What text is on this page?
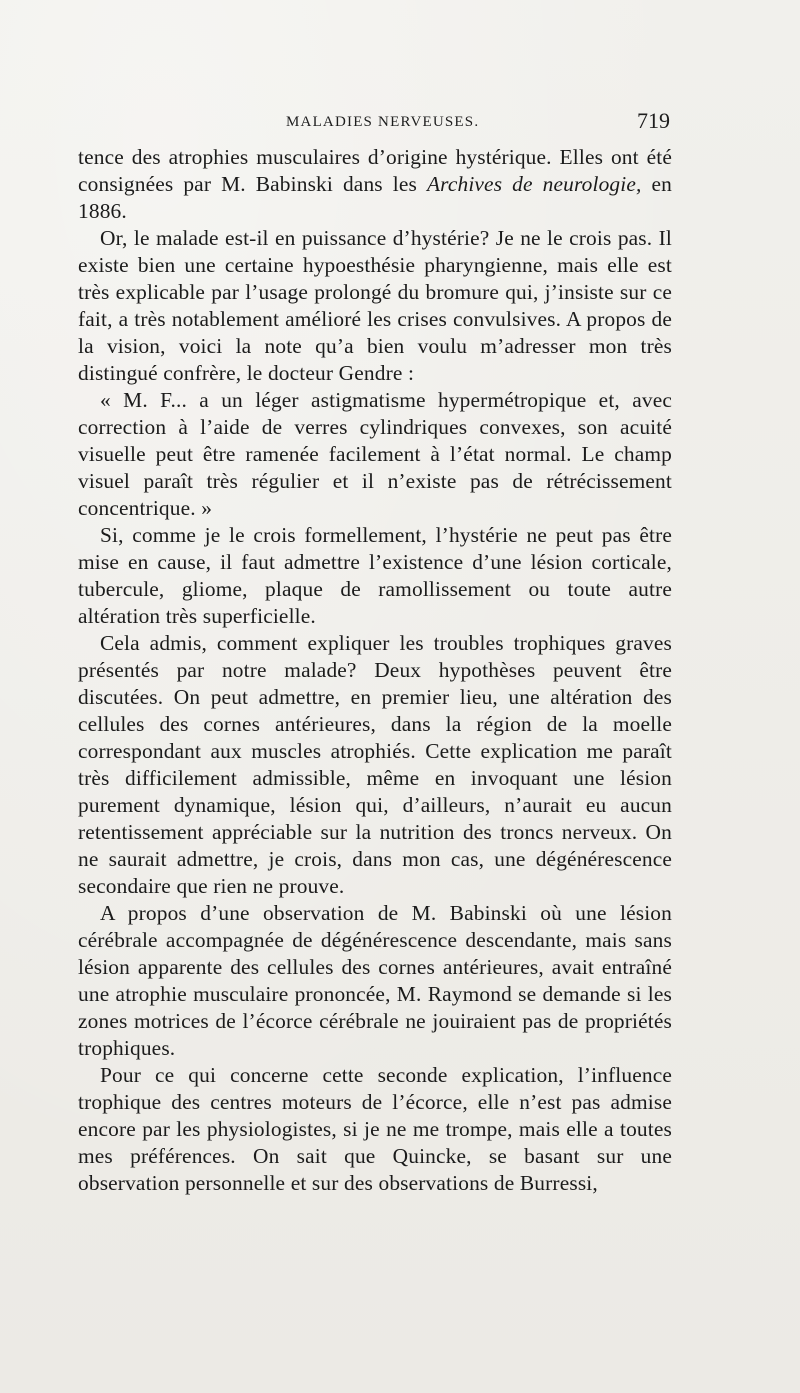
MALADIES NERVEUSES.	719

tence des atrophies musculaires d’origine hystérique. Elles ont été consignées par M. Babinski dans les Archives de neurologie, en 1886.

Or, le malade est-il en puissance d’hystérie? Je ne le crois pas. Il existe bien une certaine hypoesthésie pharyngienne, mais elle est très explicable par l’usage prolongé du bromure qui, j’insiste sur ce fait, a très notablement amélioré les crises convulsives. A propos de la vision, voici la note qu’a bien voulu m’adresser mon très distingué confrère, le docteur Gendre :

« M. F... a un léger astigmatisme hypermétropique et, avec correction à l’aide de verres cylindriques convexes, son acuité visuelle peut être ramenée facilement à l’état normal. Le champ visuel paraît très régulier et il n’existe pas de rétrécissement concentrique. »

Si, comme je le crois formellement, l’hystérie ne peut pas être mise en cause, il faut admettre l’existence d’une lésion corticale, tubercule, gliome, plaque de ramollissement ou toute autre altération très superficielle.

Cela admis, comment expliquer les troubles trophiques graves présentés par notre malade? Deux hypothèses peuvent être discutées. On peut admettre, en premier lieu, une altération des cellules des cornes antérieures, dans la région de la moelle correspondant aux muscles atrophiés. Cette explication me paraît très difficilement admissible, même en invoquant une lésion purement dynamique, lésion qui, d’ailleurs, n’aurait eu aucun retentissement appréciable sur la nutrition des troncs nerveux. On ne saurait admettre, je crois, dans mon cas, une dégénérescence secondaire que rien ne prouve.

A propos d’une observation de M. Babinski où une lésion cérébrale accompagnée de dégénérescence descendante, mais sans lésion apparente des cellules des cornes antérieures, avait entraîné une atrophie musculaire prononcée, M. Raymond se demande si les zones motrices de l’écorce cérébrale ne jouiraient pas de propriétés trophiques.

Pour ce qui concerne cette seconde explication, l’influence trophique des centres moteurs de l’écorce, elle n’est pas admise encore par les physiologistes, si je ne me trompe, mais elle a toutes mes préférences. On sait que Quincke, se basant sur une observation personnelle et sur des observations de Burressi,
